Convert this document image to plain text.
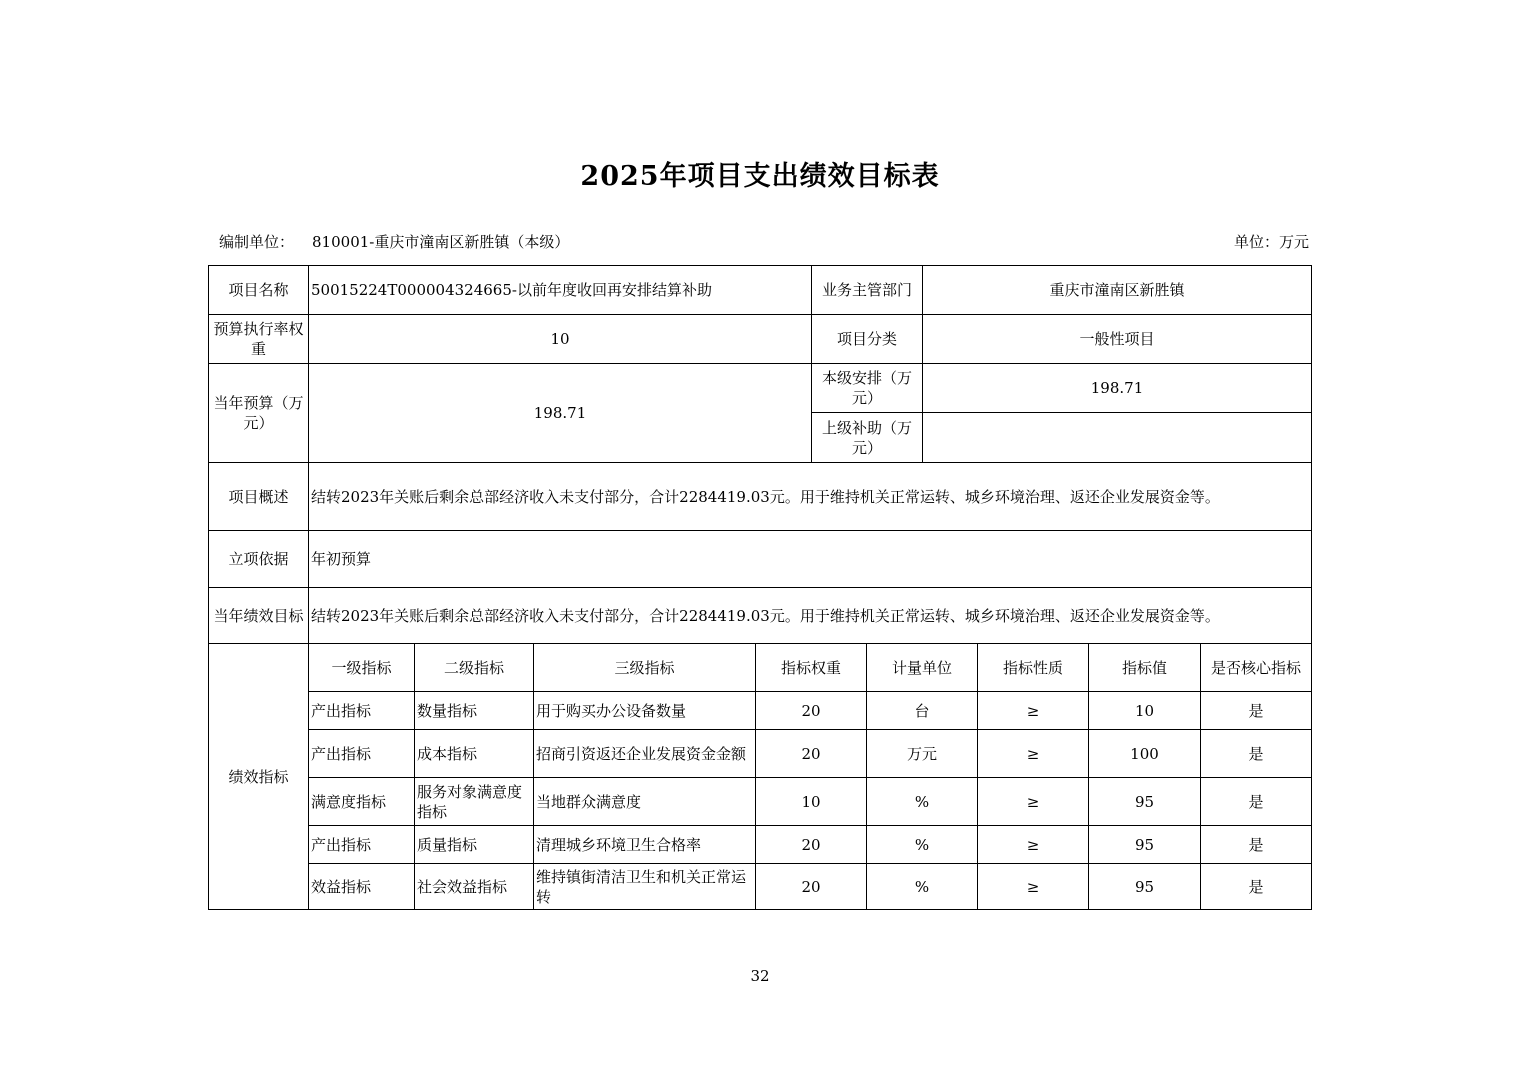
2025年项目支出绩效目标表
编制单位： 810001-重庆市潼南区新胜镇（本级）	单位：万元
项目名称	50015224T000004324665-以前年度收回再安排结算补助				业务主管部门		重庆市潼南区新胜镇			
预算执行率权重	10				项目分类		一般性项目			
当年预算（万元）	198.71				本级安排（万元）		198.71			
					上级补助（万元）					
项目概述	结转2023年关账后剩余总部经济收入未支付部分，合计2284419.03元。用于维持机关正常运转、城乡环境治理、返还企业发展资金等。									
立项依据	年初预算									
当年绩效目标	结转2023年关账后剩余总部经济收入未支付部分，合计2284419.03元。用于维持机关正常运转、城乡环境治理、返还企业发展资金等。									
绩效指标	一级指标	二级指标	三级指标	指标权重		计量单位		指标性质	指标值	是否核心指标
	产出指标	数量指标	用于购买办公设备数量	20		台		≥	10	是
	产出指标	成本指标	招商引资返还企业发展资金金额	20		万元		≥	100	是
	满意度指标	服务对象满意度指标	当地群众满意度	10		%		≥	95	是
	产出指标	质量指标	清理城乡环境卫生合格率	20		%		≥	95	是
	效益指标	社会效益指标	维持镇街清洁卫生和机关正常运转	20		%		≥	95	是
32
